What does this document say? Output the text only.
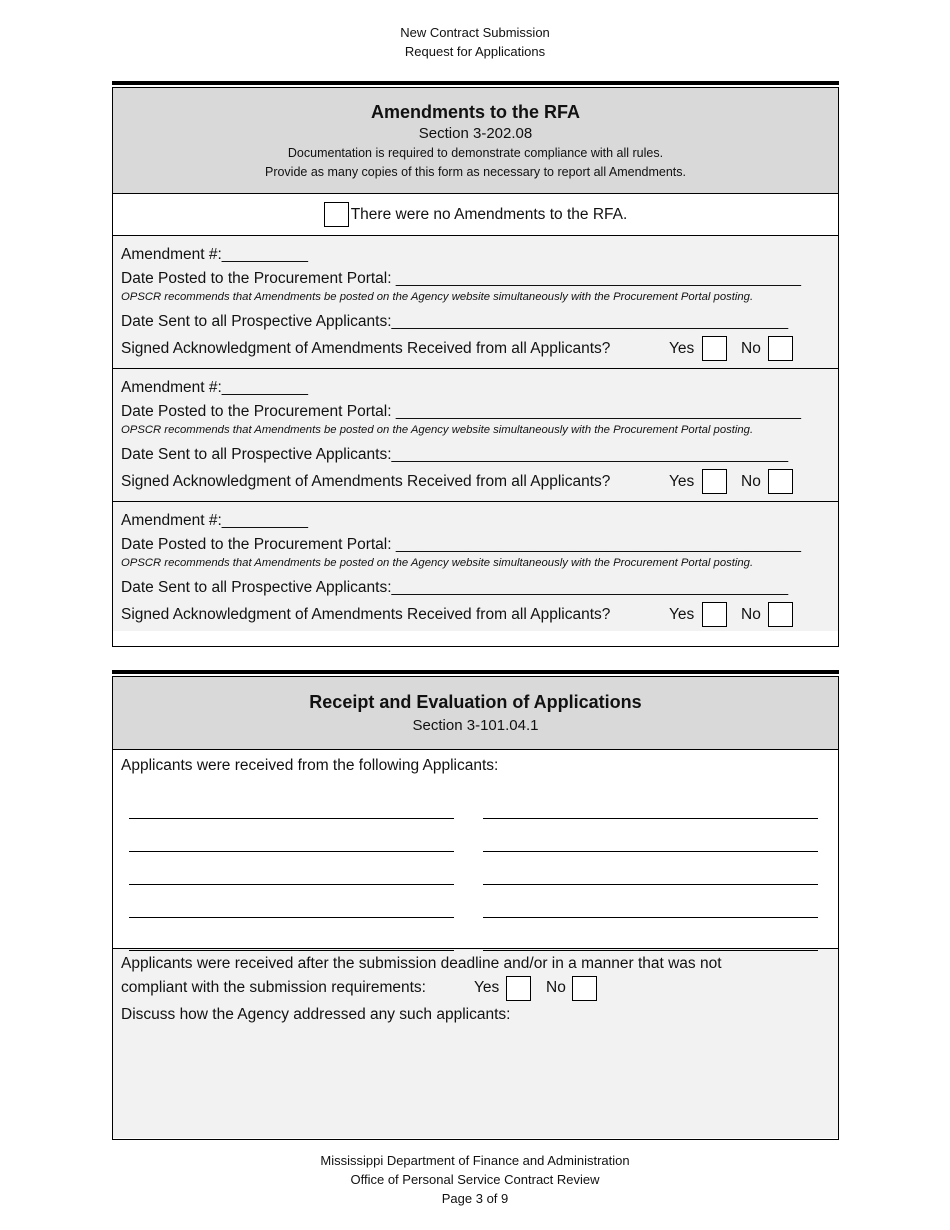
New Contract Submission
Request for Applications
Amendments to the RFA
Section 3-202.08
Documentation is required to demonstrate compliance with all rules.
Provide as many copies of this form as necessary to report all Amendments.
There were no Amendments to the RFA.
Amendment #:__________
Date Posted to the Procurement Portal: _______________________________________________
OPSCR recommends that Amendments be posted on the Agency website simultaneously with the Procurement Portal posting.
Date Sent to all Prospective Applicants:______________________________________________
Signed Acknowledgment of Amendments Received from all Applicants?	Yes	No
Amendment #:__________
Date Posted to the Procurement Portal: _______________________________________________
OPSCR recommends that Amendments be posted on the Agency website simultaneously with the Procurement Portal posting.
Date Sent to all Prospective Applicants:______________________________________________
Signed Acknowledgment of Amendments Received from all Applicants?	Yes	No
Amendment #:__________
Date Posted to the Procurement Portal: _______________________________________________
OPSCR recommends that Amendments be posted on the Agency website simultaneously with the Procurement Portal posting.
Date Sent to all Prospective Applicants:______________________________________________
Signed Acknowledgment of Amendments Received from all Applicants?	Yes	No
Receipt and Evaluation of Applications
Section 3-101.04.1
Applicants were received from the following Applicants:
Applicants were received after the submission deadline and/or in a manner that was not
compliant with the submission requirements:	Yes	No
Discuss how the Agency addressed any such applicants:
Mississippi Department of Finance and Administration
Office of Personal Service Contract Review
Page 3 of 9
